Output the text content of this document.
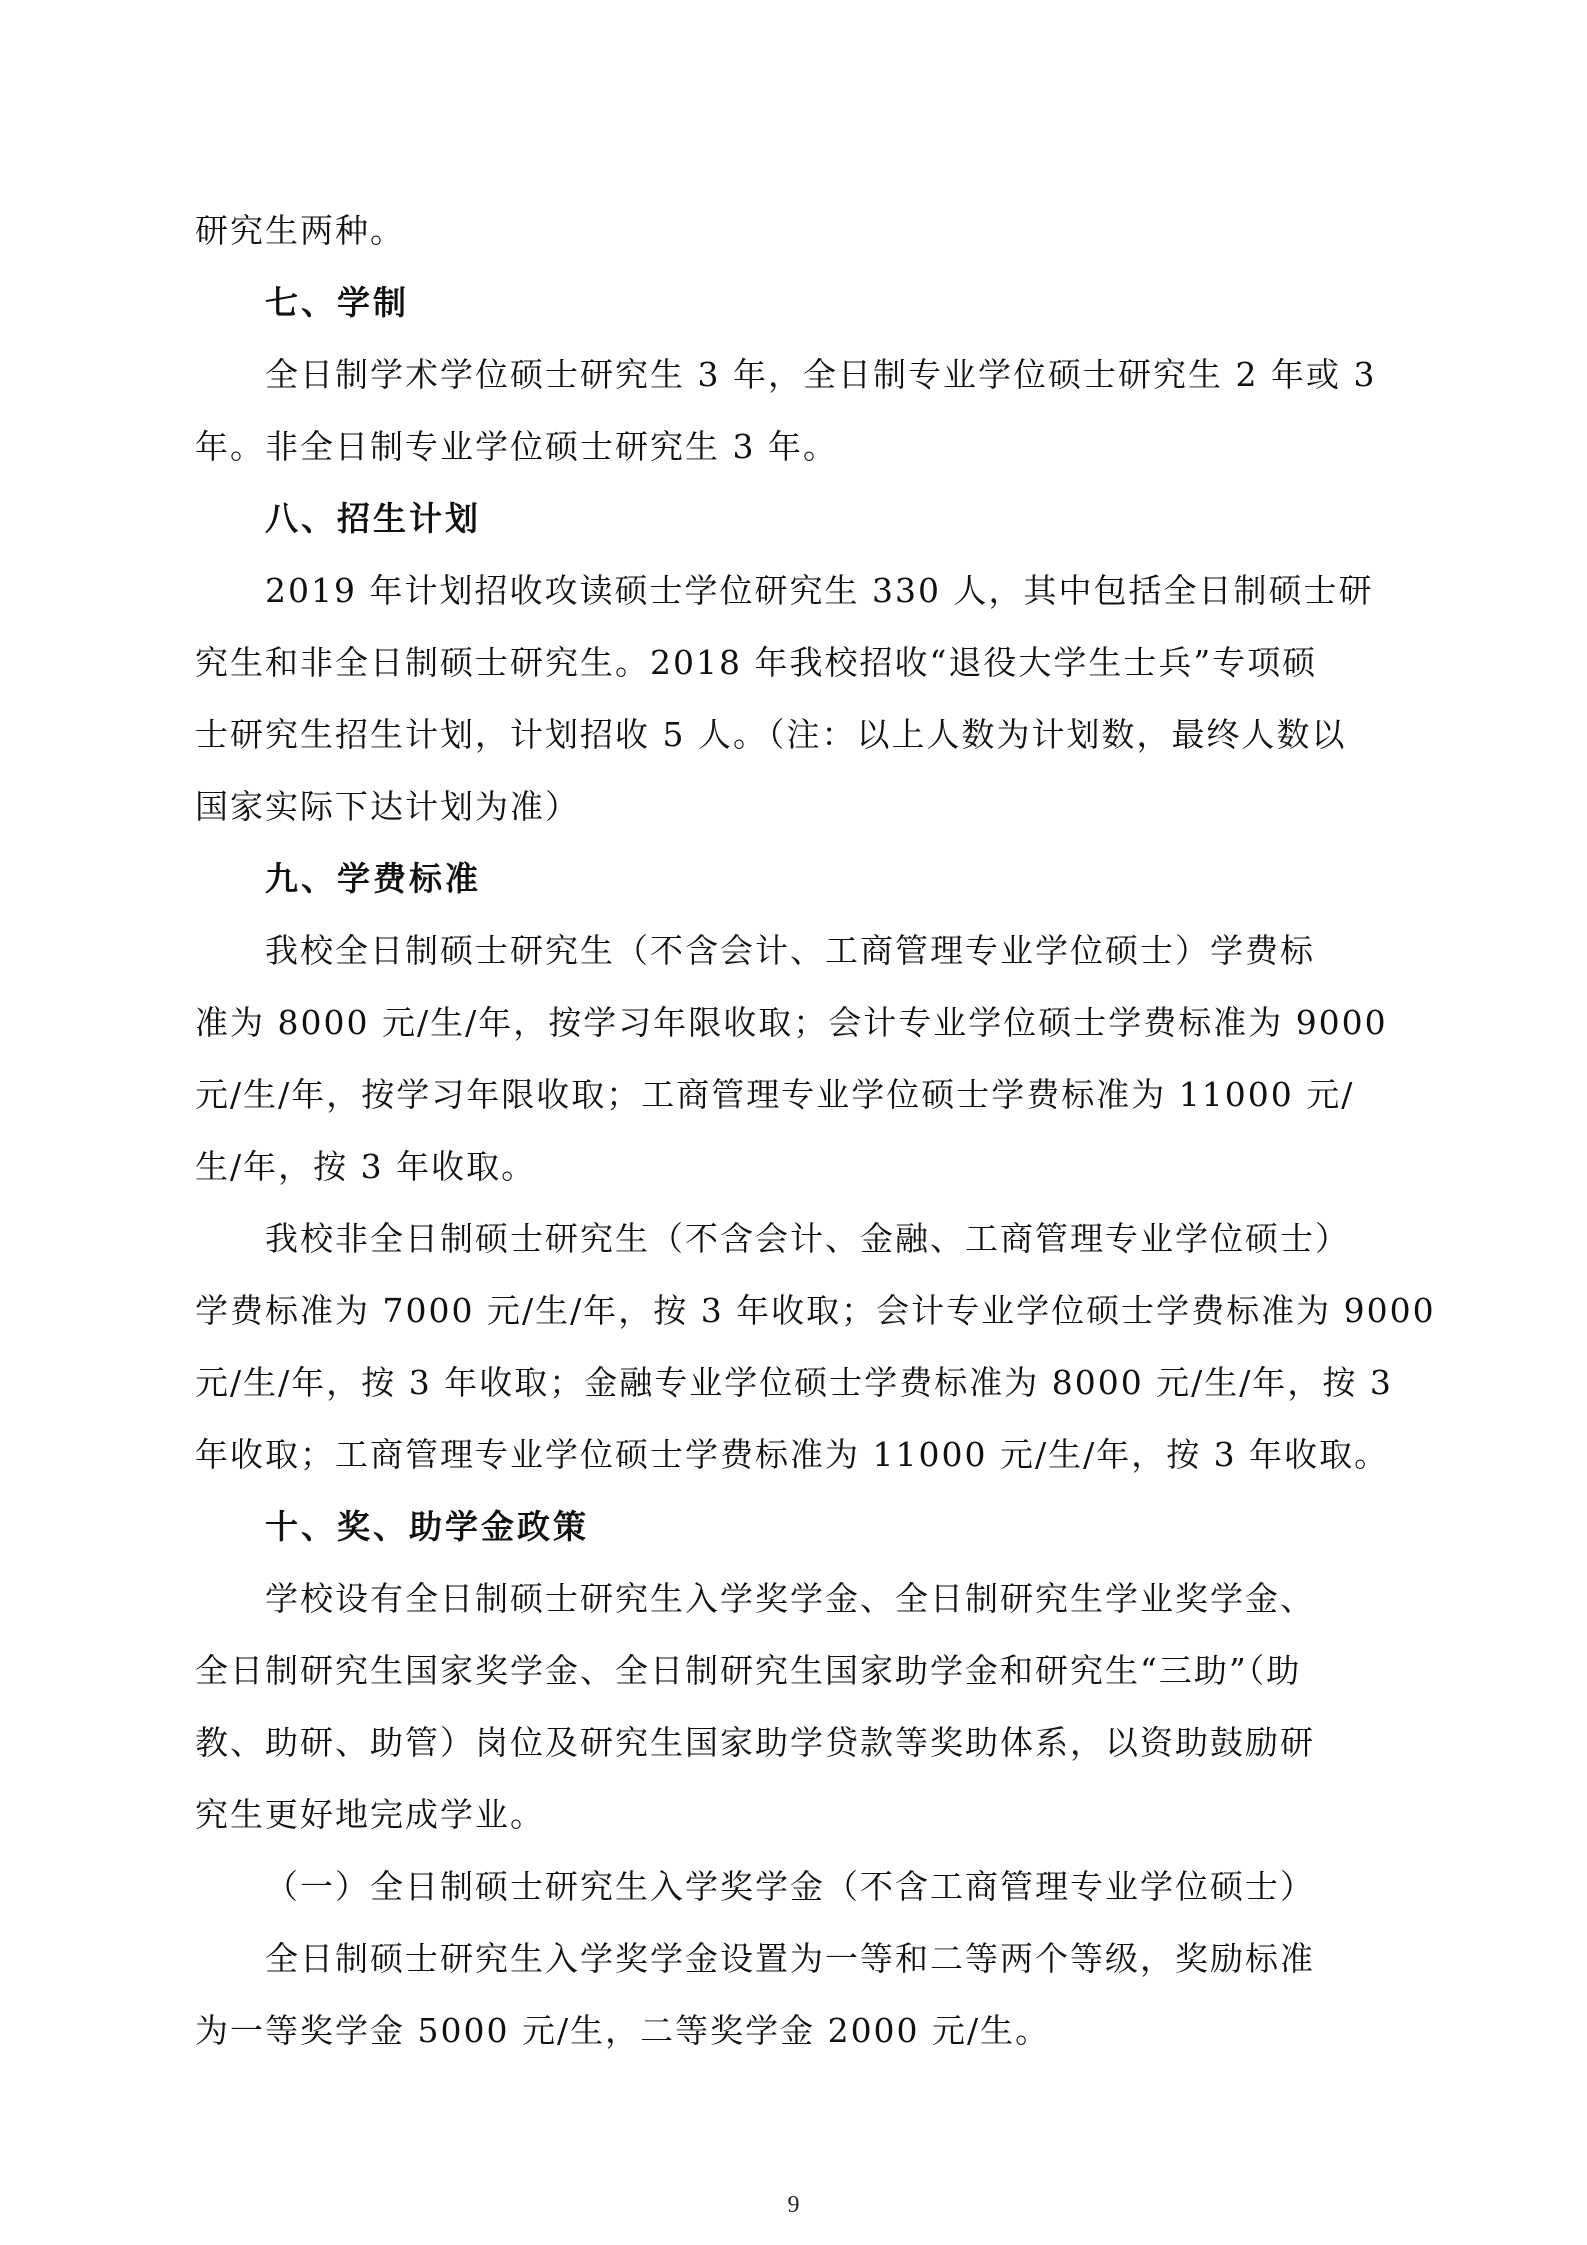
研究生两种。
七、学制
全日制学术学位硕士研究生 3 年，全日制专业学位硕士研究生 2 年或 3
年。非全日制专业学位硕士研究生 3 年。
八、招生计划
2019 年计划招收攻读硕士学位研究生 330 人，其中包括全日制硕士研
究生和非全日制硕士研究生。2018 年我校招收“退役大学生士兵”专项硕
士研究生招生计划，计划招收 5 人。（注：以上人数为计划数，最终人数以
国家实际下达计划为准）
九、学费标准
我校全日制硕士研究生（不含会计、工商管理专业学位硕士）学费标
准为 8000 元/生/年，按学习年限收取；会计专业学位硕士学费标准为 9000
元/生/年，按学习年限收取；工商管理专业学位硕士学费标准为 11000 元/
生/年，按 3 年收取。
我校非全日制硕士研究生（不含会计、金融、工商管理专业学位硕士）
学费标准为 7000 元/生/年，按 3 年收取；会计专业学位硕士学费标准为 9000
元/生/年，按 3 年收取；金融专业学位硕士学费标准为 8000 元/生/年，按 3
年收取；工商管理专业学位硕士学费标准为 11000 元/生/年，按 3 年收取。
十、奖、助学金政策
学校设有全日制硕士研究生入学奖学金、全日制研究生学业奖学金、
全日制研究生国家奖学金、全日制研究生国家助学金和研究生“三助”（助
教、助研、助管）岗位及研究生国家助学贷款等奖助体系，以资助鼓励研
究生更好地完成学业。
（一）全日制硕士研究生入学奖学金（不含工商管理专业学位硕士）
全日制硕士研究生入学奖学金设置为一等和二等两个等级，奖励标准
为一等奖学金 5000 元/生，二等奖学金 2000 元/生。
9
